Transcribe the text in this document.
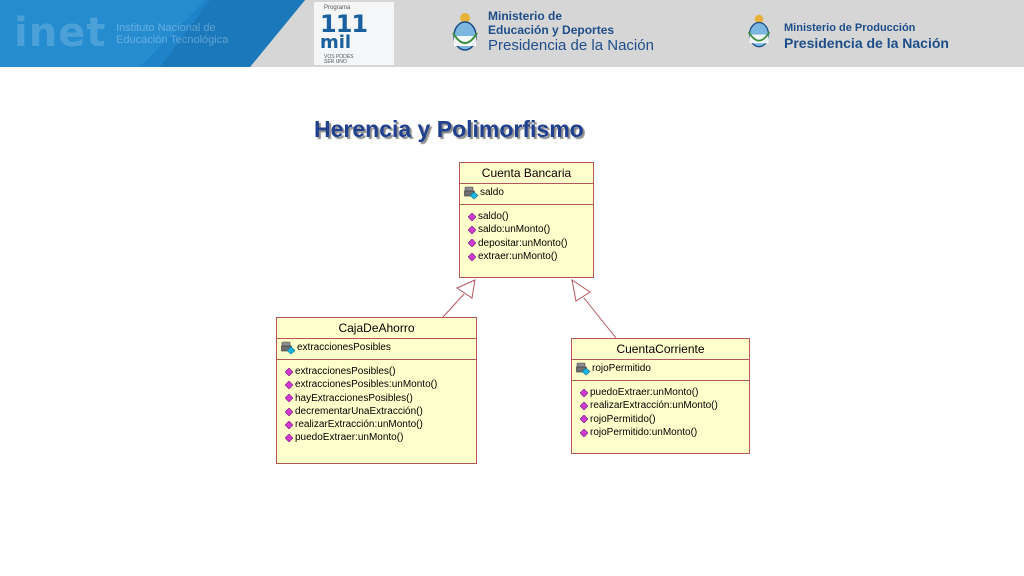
inet Instituto Nacional de
Educación Tecnológica
Programa
111
mil
VOS PODÉS
SER UNO
Ministerio de
Educación y Deportes
Presidencia de la Nación
Ministerio de Producción
Presidencia de la Nación
Herencia y Polimorfismo
Cuenta Bancaria
saldo
saldo()
saldo:unMonto()
depositar:unMonto()
extraer:unMonto()
CajaDeAhorro
extraccionesPosibles
extraccionesPosibles()
extraccionesPosibles:unMonto()
hayExtraccionesPosibles()
decrementarUnaExtracción()
realizarExtracción:unMonto()
puedoExtraer:unMonto()
CuentaCorriente
rojoPermitido
puedoExtraer:unMonto()
realizarExtracción:unMonto()
rojoPermitido()
rojoPermitido:unMonto()
